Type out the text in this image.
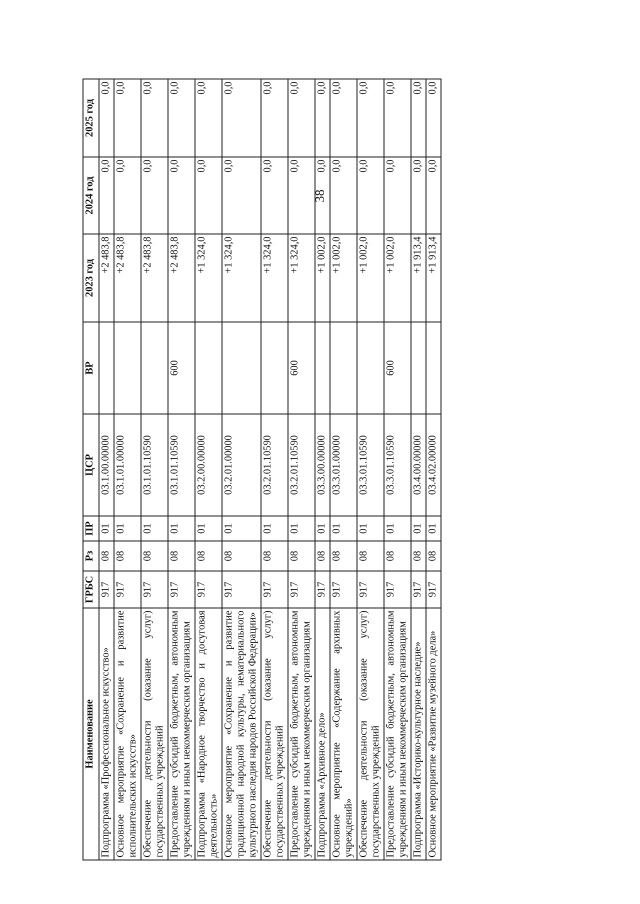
38
Наименование	ГРБС	Рз	ПР	ЦСР	ВР	2023 год	2024 год	2025 год
Подпрограмма «Профессиональное искусство»	917	08	01	03.1.00.00000		+2 483,8	0,0	0,0
Основное мероприятие «Сохранение и развитие исполнительских искусств»	917	08	01	03.1.01.00000		+2 483,8	0,0	0,0
Обеспечение деятельности (оказание услуг) государственных учреждений	917	08	01	03.1.01.10590		+2 483,8	0,0	0,0
Предоставление субсидий бюджетным, автономным учреждениям и иным некоммерческим организациям	917	08	01	03.1.01.10590	600	+2 483,8	0,0	0,0
Подпрограмма «Народное творчество и досуговая деятельность»	917	08	01	03.2.00.00000		+1 324,0	0,0	0,0
Основное мероприятие «Сохранение и развитие традиционной народной культуры, нематериального культурного наследия народов Российской Федерации»	917	08	01	03.2.01.00000		+1 324,0	0,0	0,0
Обеспечение деятельности (оказание услуг) государственных учреждений	917	08	01	03.2.01.10590		+1 324,0	0,0	0,0
Предоставление субсидий бюджетным, автономным учреждениям и иным некоммерческим организациям	917	08	01	03.2.01.10590	600	+1 324,0	0,0	0,0
Подпрограмма «Архивное дело»	917	08	01	03.3.00.00000		+1 002,0	0,0	0,0
Основное мероприятие «Содержание архивных учреждений»	917	08	01	03.3.01.00000		+1 002,0	0,0	0,0
Обеспечение деятельности (оказание услуг) государственных учреждений	917	08	01	03.3.01.10590		+1 002,0	0,0	0,0
Предоставление субсидий бюджетным, автономным учреждениям и иным некоммерческим организациям	917	08	01	03.3.01.10590	600	+1 002,0	0,0	0,0
Подпрограмма «Историко-культурное наследие»	917	08	01	03.4.00.00000		+1 913,4	0,0	0,0
Основное мероприятие «Развитие музейного дела»	917	08	01	03.4.02.00000		+1 913,4	0,0	0,0
